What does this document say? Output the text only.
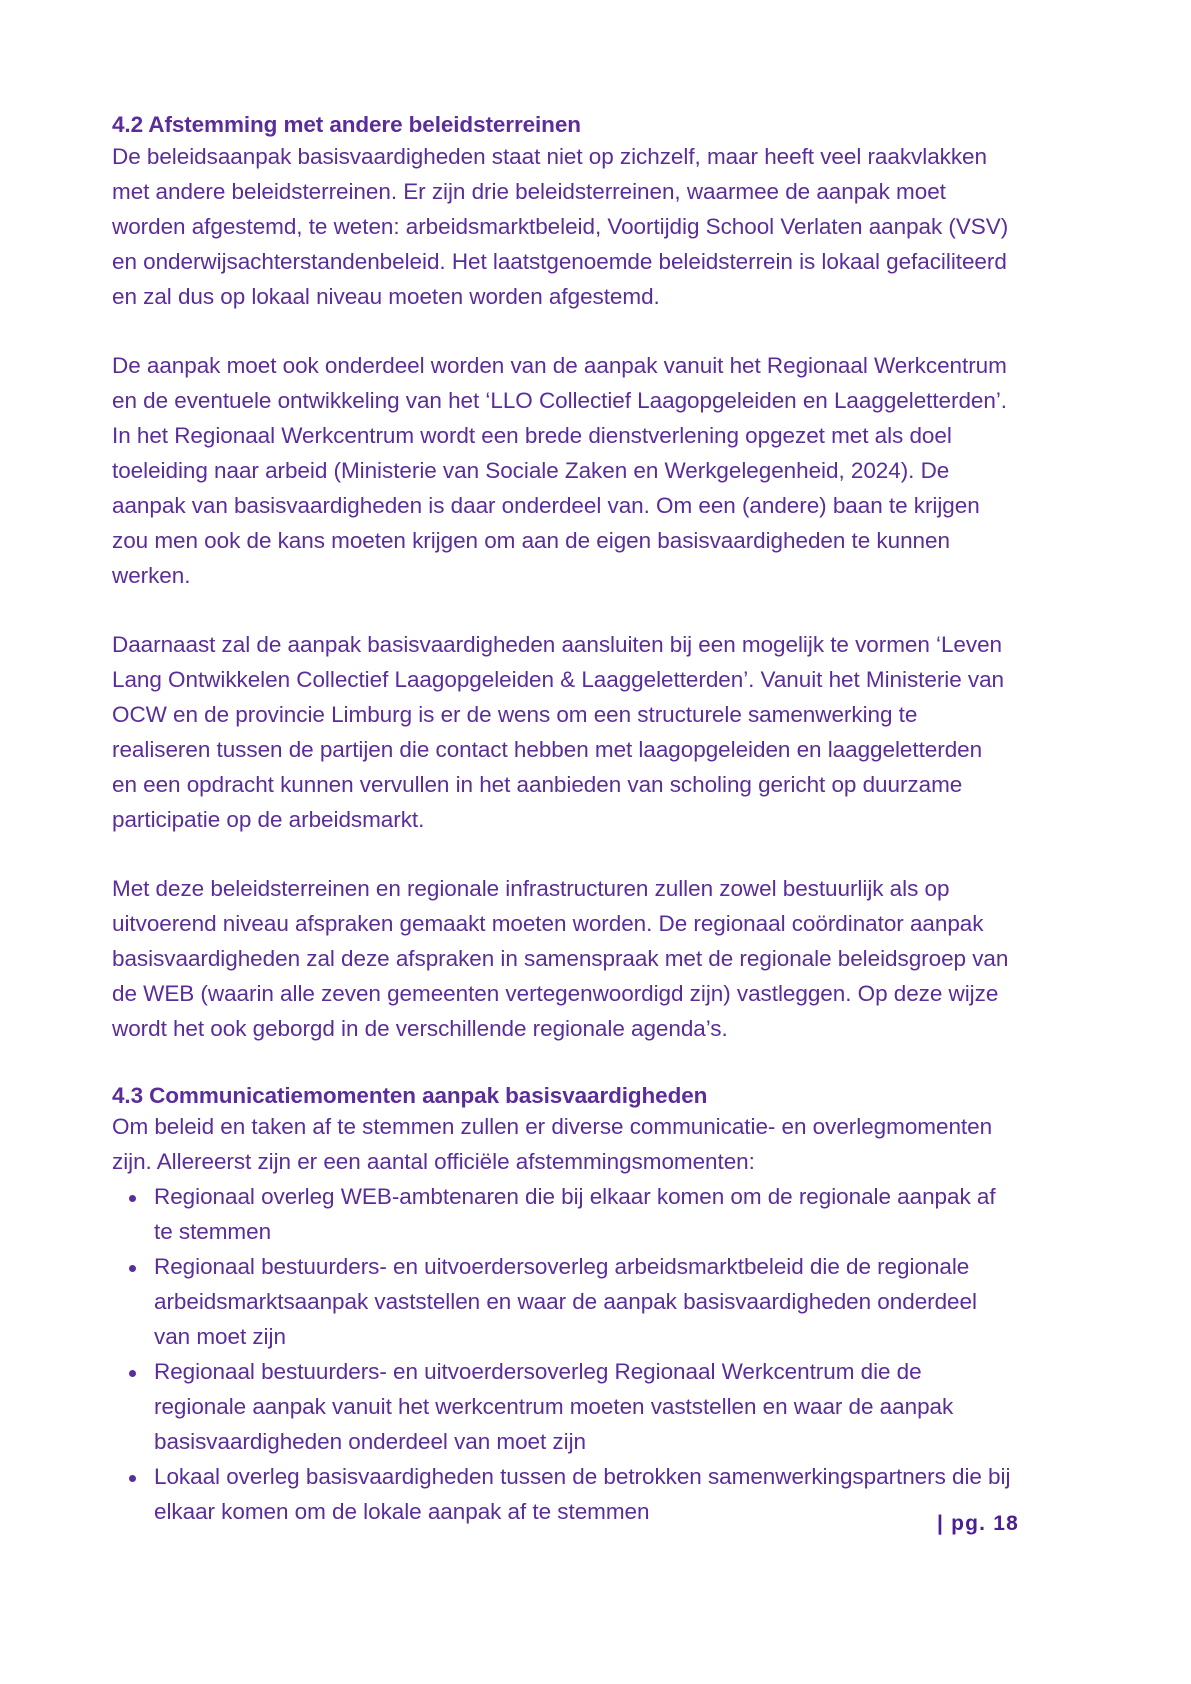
4.2 Afstemming met andere beleidsterreinen

De beleidsaanpak basisvaardigheden staat niet op zichzelf, maar heeft veel raakvlakken met andere beleidsterreinen. Er zijn drie beleidsterreinen, waarmee de aanpak moet worden afgestemd, te weten: arbeidsmarktbeleid, Voortijdig School Verlaten aanpak (VSV) en onderwijsachterstandenbeleid. Het laatstgenoemde beleidsterrein is lokaal gefaciliteerd en zal dus op lokaal niveau moeten worden afgestemd.

De aanpak moet ook onderdeel worden van de aanpak vanuit het Regionaal Werkcentrum en de eventuele ontwikkeling van het ‘LLO Collectief Laagopgeleiden en Laaggeletterden’. In het Regionaal Werkcentrum wordt een brede dienstverlening opgezet met als doel toeleiding naar arbeid (Ministerie van Sociale Zaken en Werkgelegenheid, 2024). De aanpak van basisvaardigheden is daar onderdeel van. Om een (andere) baan te krijgen zou men ook de kans moeten krijgen om aan de eigen basisvaardigheden te kunnen werken.

Daarnaast zal de aanpak basisvaardigheden aansluiten bij een mogelijk te vormen ‘Leven Lang Ontwikkelen Collectief Laagopgeleiden & Laaggeletterden’. Vanuit het Ministerie van OCW en de provincie Limburg is er de wens om een structurele samenwerking te realiseren tussen de partijen die contact hebben met laagopgeleiden en laaggeletterden en een opdracht kunnen vervullen in het aanbieden van scholing gericht op duurzame participatie op de arbeidsmarkt.

Met deze beleidsterreinen en regionale infrastructuren zullen zowel bestuurlijk als op uitvoerend niveau afspraken gemaakt moeten worden. De regionaal coördinator aanpak basisvaardigheden zal deze afspraken in samenspraak met de regionale beleidsgroep van de WEB (waarin alle zeven gemeenten vertegenwoordigd zijn) vastleggen. Op deze wijze wordt het ook geborgd in de verschillende regionale agenda’s.

4.3 Communicatiemomenten aanpak basisvaardigheden

Om beleid en taken af te stemmen zullen er diverse communicatie- en overlegmomenten zijn. Allereerst zijn er een aantal officiële afstemmingsmomenten:

Regionaal overleg WEB-ambtenaren die bij elkaar komen om de regionale aanpak af te stemmen
Regionaal bestuurders- en uitvoerdersoverleg arbeidsmarktbeleid die de regionale arbeidsmarktsaanpak vaststellen en waar de aanpak basisvaardigheden onderdeel van moet zijn
Regionaal bestuurders- en uitvoerdersoverleg Regionaal Werkcentrum die de regionale aanpak vanuit het werkcentrum moeten vaststellen en waar de aanpak basisvaardigheden onderdeel van moet zijn
Lokaal overleg basisvaardigheden tussen de betrokken samenwerkingspartners die bij elkaar komen om de lokale aanpak af te stemmen	| pg. 18
